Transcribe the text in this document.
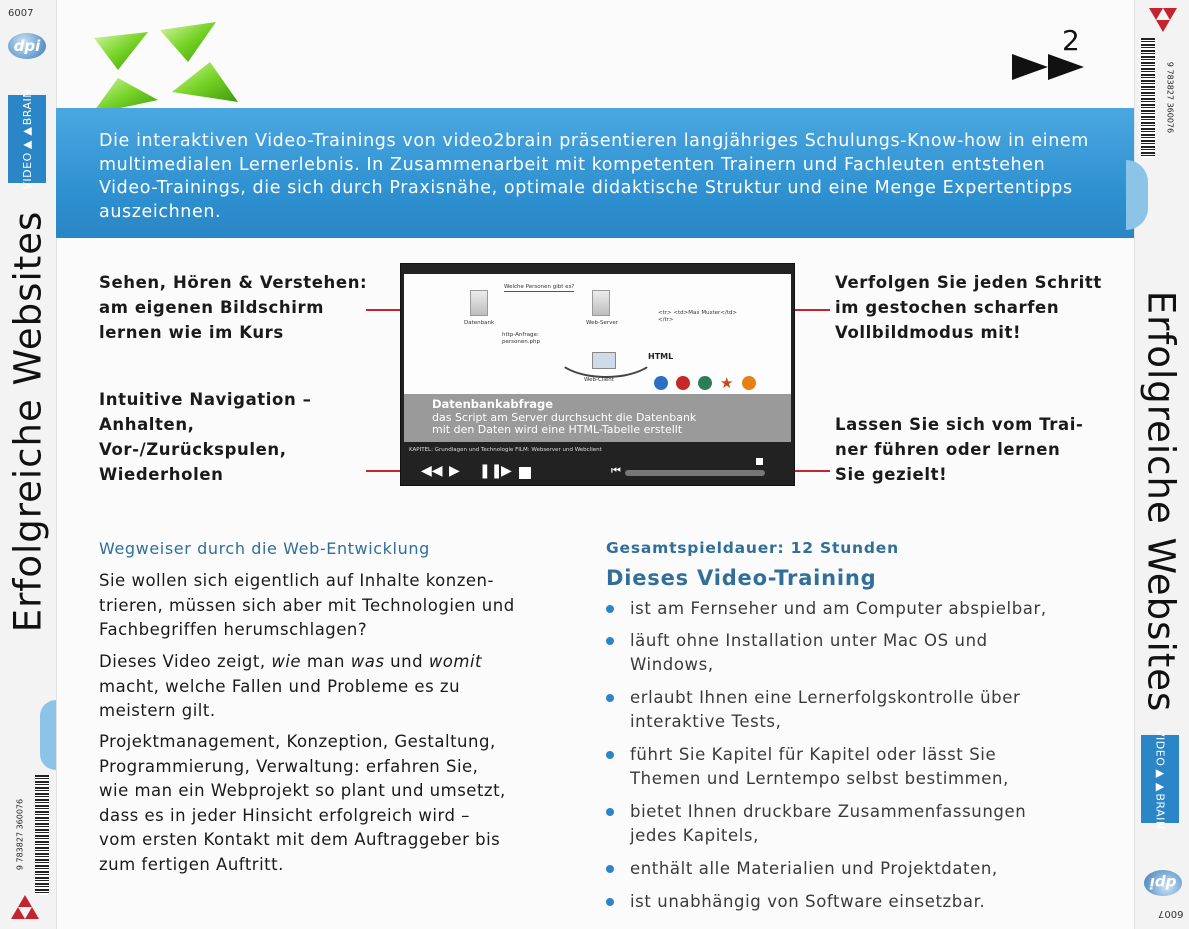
6007
dpi
VIDEO▶▶BRAIN
Erfolgreiche Websites
9 783827 360076
9 783827 360076
Erfolgreiche Websites
VIDEO▶▶BRAIN
dpi
6007
2
Die interaktiven Video-Trainings von video2brain präsentieren langjähriges Schulungs-Know-how in einem multimedialen Lernerlebnis. In Zusammenarbeit mit kompetenten Trainern und Fachleuten entstehen Video-Trainings, die sich durch Praxisnähe, optimale didaktische Struktur und eine Menge Expertentipps auszeichnen.
Sehen, Hören & Verstehen:
am eigenen Bildschirm
lernen wie im Kurs
Intuitive Navigation –
Anhalten,
Vor-/Zurückspulen,
Wiederholen
Verfolgen Sie jeden Schritt
im gestochen scharfen
Vollbildmodus mit!
Lassen Sie sich vom Trai-
ner führen oder lernen
Sie gezielt!
Welche Personen gibt es?
Datenbank	Web-Server
http-Anfrage: personen.php
<tr> <td>Max Muster</td> </tr>
Web-Client
HTML
★
Datenbankabfrage
das Script am Server durchsucht die Datenbank
mit den Daten wird eine HTML-Tabelle erstellt
KAPITEL: Grundlagen und Technologie FILM: Webserver und Webclient
◀◀ ▶ ❚❚
▶	⏮
Wegweiser durch die Web-Entwicklung
Sie wollen sich eigentlich auf Inhalte konzen-
trieren, müssen sich aber mit Technologien und
Fachbegriffen herumschlagen?
Dieses Video zeigt, wie man was und womit
macht, welche Fallen und Probleme es zu
meistern gilt.
Projektmanagement, Konzeption, Gestaltung,
Programmierung, Verwaltung: erfahren Sie,
wie man ein Webprojekt so plant und umsetzt,
dass es in jeder Hinsicht erfolgreich wird –
vom ersten Kontakt mit dem Auftraggeber bis
zum fertigen Auftritt.
Gesamtspieldauer: 12 Stunden
Dieses Video-Training
ist am Fernseher und am Computer abspielbar,
läuft ohne Installation unter Mac OS und
Windows,
erlaubt Ihnen eine Lernerfolgskontrolle über
interaktive Tests,
führt Sie Kapitel für Kapitel oder lässt Sie
Themen und Lerntempo selbst bestimmen,
bietet Ihnen druckbare Zusammenfassungen
jedes Kapitels,
enthält alle Materialien und Projektdaten,
ist unabhängig von Software einsetzbar.
